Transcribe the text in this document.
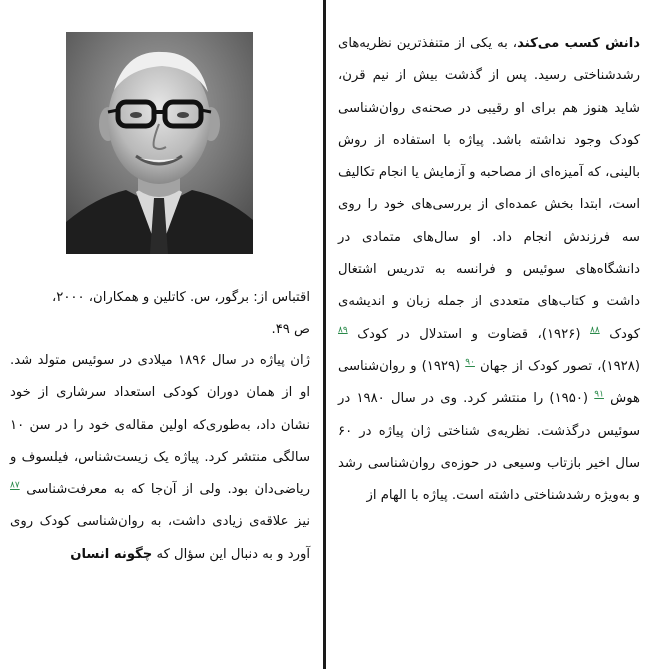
دانش کسب می‌کند، به یکی از متنفذترین نظریه‌های رشدشناختی رسید. پس از گذشت بیش از نیم قرن، شاید هنوز هم برای او رقیبی در صحنه‌ی روان‌شناسی کودک وجود نداشته باشد. پیاژه با استفاده از روش بالینی، که آمیزه‌ای از مصاحبه و آزمایش یا انجام تکالیف است، ابتدا بخش عمده‌ای از بررسی‌های خود را روی سه فرزندش انجام داد. او سال‌های متمادی در دانشگاه‌های سوئیس و فرانسه به تدریس اشتغال داشت و کتاب‌های متعددی از جمله زبان و اندیشه‌ی کودک $^{۸۸}$ (۱۹۲۶)، قضاوت و استدلال در کودک $^{۸۹}$ (۱۹۲۸)، تصور کودک از جهان $^{۹۰}$ (۱۹۲۹) و روان‌شناسی هوش $^{۹۱}$ (۱۹۵۰) را منتشر کرد. وی در سال ۱۹۸۰ در سوئیس درگذشت. نظریه‌ی شناختی ژان پیاژه در ۶۰ سال اخیر بازتاب وسیعی در حوزه‌ی روان‌شناسی رشد و به‌ویژه رشدشناختی داشته است. پیاژه با الهام از
اقتباس از: برگور، س. کاتلین و همکاران، ۲۰۰۰،
ص ۴۹.
ژان پیاژه در سال ۱۸۹۶ میلادی در سوئیس متولد شد. او از همان دوران کودکی استعداد سرشاری از خود نشان داد، به‌طوری‌که اولین مقاله‌ی خود را در سن ۱۰ سالگی منتشر کرد. پیاژه یک زیست‌شناس، فیلسوف و ریاضی‌دان بود. ولی از آن‌جا که به معرفت‌شناسی $^{۸۷}$ نیز علاقه‌ی زیادی داشت، به روان‌شناسی کودک روی آورد و به دنبال این سؤال که چگونه انسان
